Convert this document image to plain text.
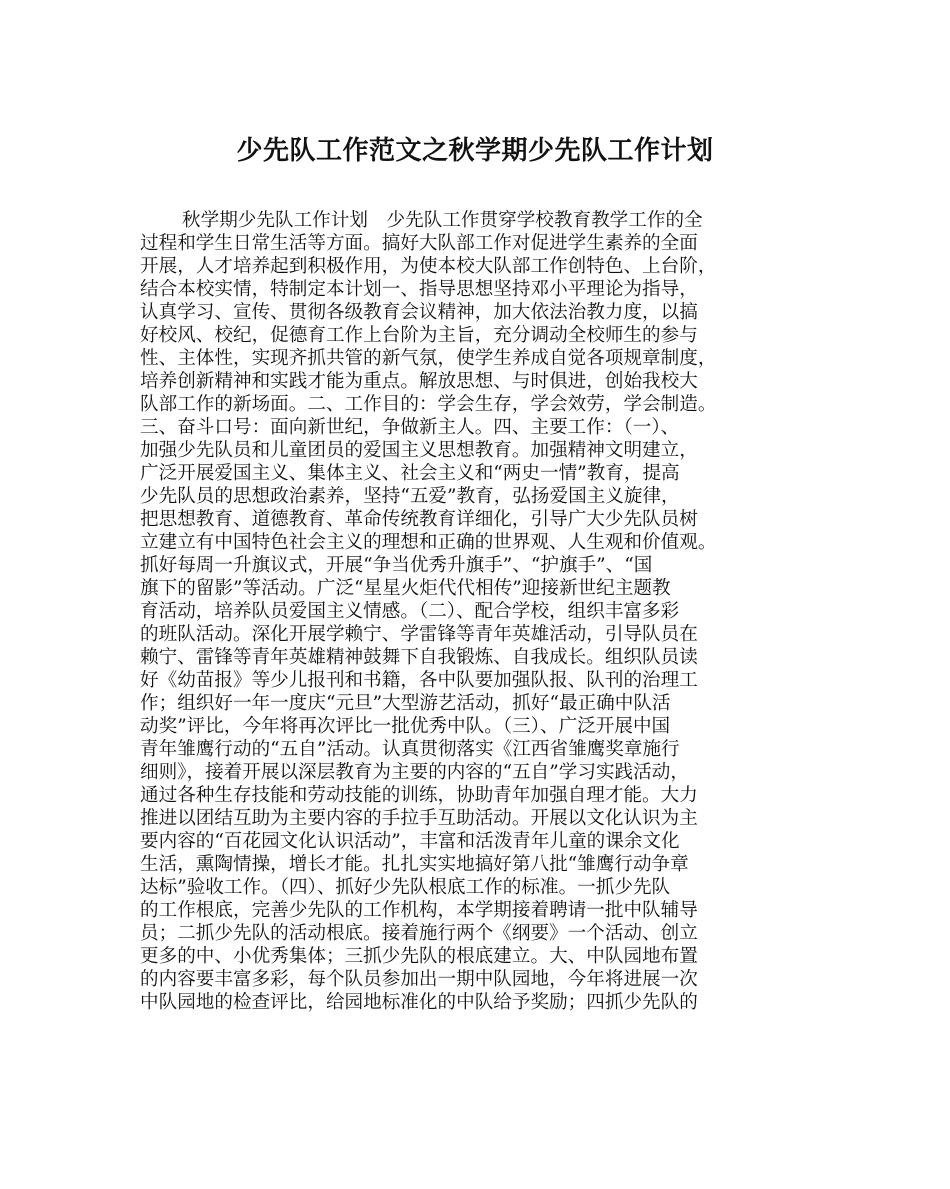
少先队工作范文之秋学期少先队工作计划
秋学期少先队工作计划　少先队工作贯穿学校教育教学工作的全
过程和学生日常生活等方面。搞好大队部工作对促进学生素养的全面
开展，人才培养起到积极作用，为使本校大队部工作创特色、上台阶，
结合本校实情，特制定本计划一、指导思想坚持邓小平理论为指导，
认真学习、宣传、贯彻各级教育会议精神，加大依法治教力度，以搞
好校风、校纪，促德育工作上台阶为主旨，充分调动全校师生的参与
性、主体性，实现齐抓共管的新气氛，使学生养成自觉各项规章制度，
培养创新精神和实践才能为重点。解放思想、与时俱进，创始我校大
队部工作的新场面。二、工作目的：学会生存，学会效劳，学会制造。
三、奋斗口号：面向新世纪，争做新主人。四、主要工作：（一）、
加强少先队员和儿童团员的爱国主义思想教育。加强精神文明建立，
广泛开展爱国主义、集体主义、社会主义和“两史一情”教育，提高
少先队员的思想政治素养，坚持“五爱”教育，弘扬爱国主义旋律，
把思想教育、道德教育、革命传统教育详细化，引导广大少先队员树
立建立有中国特色社会主义的理想和正确的世界观、人生观和价值观。
抓好每周一升旗议式，开展“争当优秀升旗手”、“护旗手”、“国
旗下的留影”等活动。广泛“星星火炬代代相传”迎接新世纪主题教
育活动，培养队员爱国主义情感。（二）、配合学校，组织丰富多彩
的班队活动。深化开展学赖宁、学雷锋等青年英雄活动，引导队员在
赖宁、雷锋等青年英雄精神鼓舞下自我锻炼、自我成长。组织队员读
好《幼苗报》等少儿报刊和书籍，各中队要加强队报、队刊的治理工
作；组织好一年一度庆“元旦”大型游艺活动，抓好“最正确中队活
动奖”评比，今年将再次评比一批优秀中队。（三）、广泛开展中国
青年雏鹰行动的“五自”活动。认真贯彻落实《江西省雏鹰奖章施行
细则》，接着开展以深层教育为主要的内容的“五自”学习实践活动，
通过各种生存技能和劳动技能的训练，协助青年加强自理才能。大力
推进以团结互助为主要内容的手拉手互助活动。开展以文化认识为主
要内容的“百花园文化认识活动”，丰富和活泼青年儿童的课余文化
生活，熏陶情操，增长才能。扎扎实实地搞好第八批“雏鹰行动争章
达标”验收工作。（四）、抓好少先队根底工作的标准。一抓少先队
的工作根底，完善少先队的工作机构，本学期接着聘请一批中队辅导
员；二抓少先队的活动根底。接着施行两个《纲要》一个活动、创立
更多的中、小优秀集体；三抓少先队的根底建立。大、中队园地布置
的内容要丰富多彩，每个队员参加出一期中队园地，今年将进展一次
中队园地的检查评比，给园地标准化的中队给予奖励；四抓少先队的
